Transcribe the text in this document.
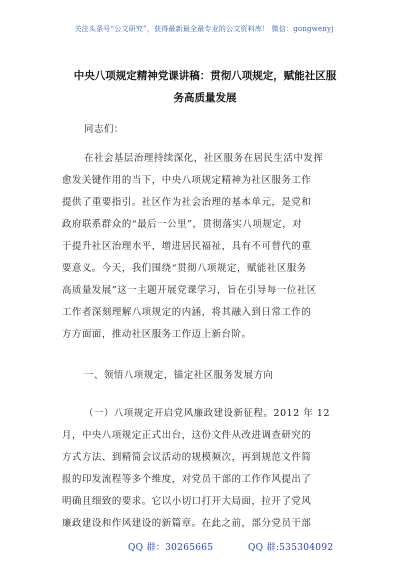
关注头条号“公文研究”，获得最新最全最专业的公文资料库！ 微信：gongwenyj
中央八项规定精神党课讲稿：贯彻八项规定，赋能社区服
务高质量发展
同志们：
在社会基层治理持续深化，社区服务在居民生活中发挥
愈发关键作用的当下，中央八项规定精神为社区服务工作
提供了重要指引。社区作为社会治理的基本单元，是党和
政府联系群众的“最后一公里”，贯彻落实八项规定，对
于提升社区治理水平，增进居民福祉，具有不可替代的重
要意义。今天，我们围绕“贯彻八项规定，赋能社区服务
高质量发展”这一主题开展党课学习，旨在引导每一位社区
工作者深刻理解八项规定的内涵，将其融入到日常工作的
方方面面，推动社区服务工作迈上新台阶。
一、领悟八项规定，锚定社区服务发展方向
（一）八项规定开启党风廉政建设新征程。2012 年 12
月，中央八项规定正式出台，这份文件从改进调查研究的
方式方法、到精简会议活动的规模频次，再到规范文件简
报的印发流程等多个维度，对党员干部的工作作风提出了
明确且细致的要求。它以小切口打开大局面，拉开了党风
廉政建设和作风建设的新篇章。在此之前，部分党员干部
QQ 群：30265665	QQ 群:535304092
